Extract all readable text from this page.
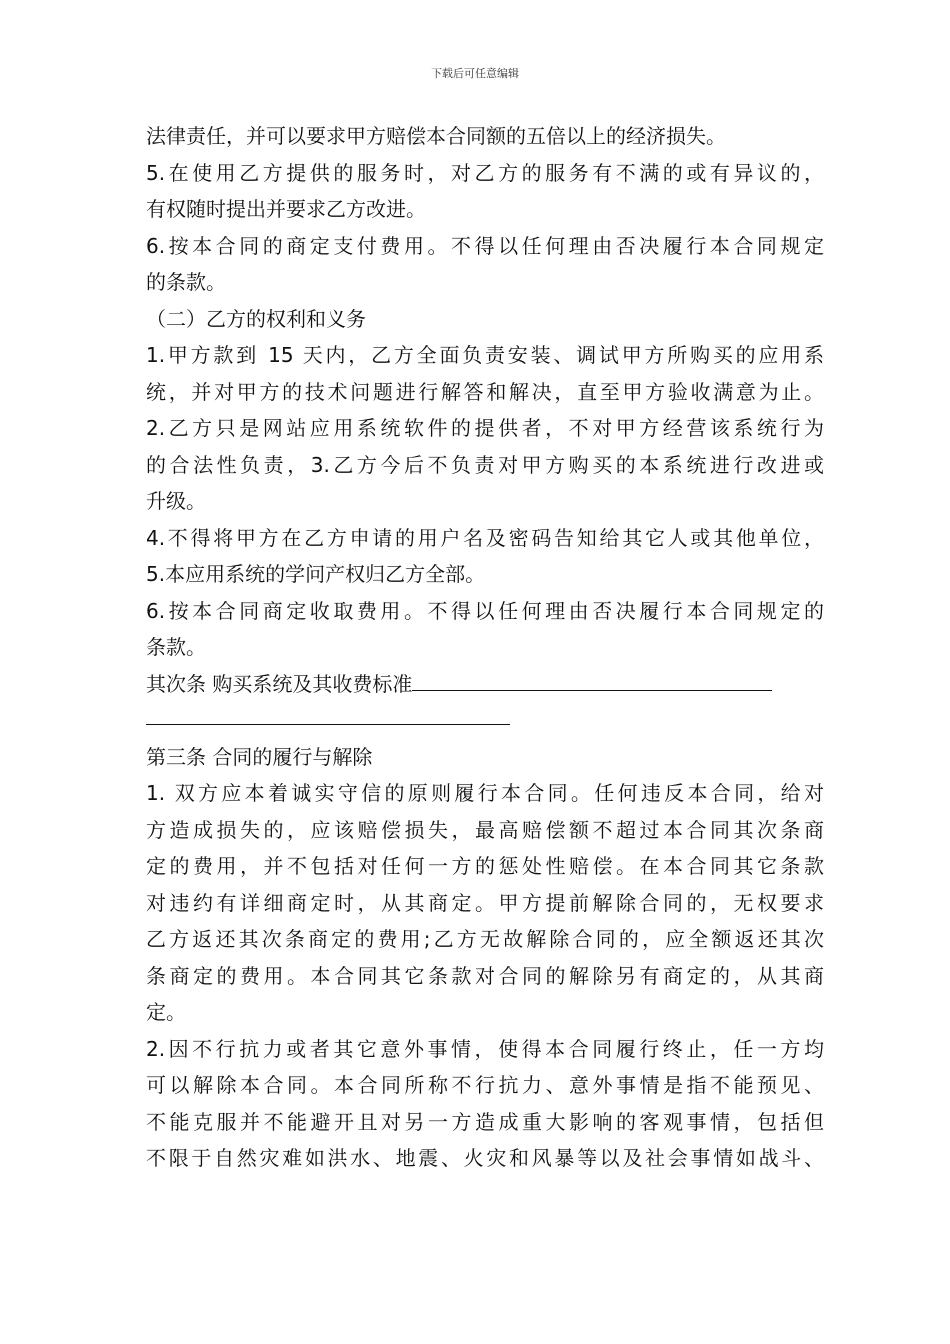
下载后可任意编辑
法律责任，并可以要求甲方赔偿本合同额的五倍以上的经济损失。
5.在使用乙方提供的服务时，对乙方的服务有不满的或有异议的，
有权随时提出并要求乙方改进。
6.按本合同的商定支付费用。不得以任何理由否决履行本合同规定
的条款。
（二）乙方的权利和义务
1.甲方款到 15 天内，乙方全面负责安装、调试甲方所购买的应用系
统，并对甲方的技术问题进行解答和解决，直至甲方验收满意为止。
2.乙方只是网站应用系统软件的提供者，不对甲方经营该系统行为
的合法性负责，3.乙方今后不负责对甲方购买的本系统进行改进或
升级。
4.不得将甲方在乙方申请的用户名及密码告知给其它人或其他单位，
5.本应用系统的学问产权归乙方全部。
6.按本合同商定收取费用。不得以任何理由否决履行本合同规定的
条款。
其次条 购买系统及其收费标准
第三条 合同的履行与解除
1. 双方应本着诚实守信的原则履行本合同。任何违反本合同，给对
方造成损失的，应该赔偿损失，最高赔偿额不超过本合同其次条商
定的费用，并不包括对任何一方的惩处性赔偿。在本合同其它条款
对违约有详细商定时，从其商定。甲方提前解除合同的，无权要求
乙方返还其次条商定的费用;乙方无故解除合同的，应全额返还其次
条商定的费用。本合同其它条款对合同的解除另有商定的，从其商
定。
2.因不行抗力或者其它意外事情，使得本合同履行终止，任一方均
可以解除本合同。本合同所称不行抗力、意外事情是指不能预见、
不能克服并不能避开且对另一方造成重大影响的客观事情，包括但
不限于自然灾难如洪水、地震、火灾和风暴等以及社会事情如战斗、
